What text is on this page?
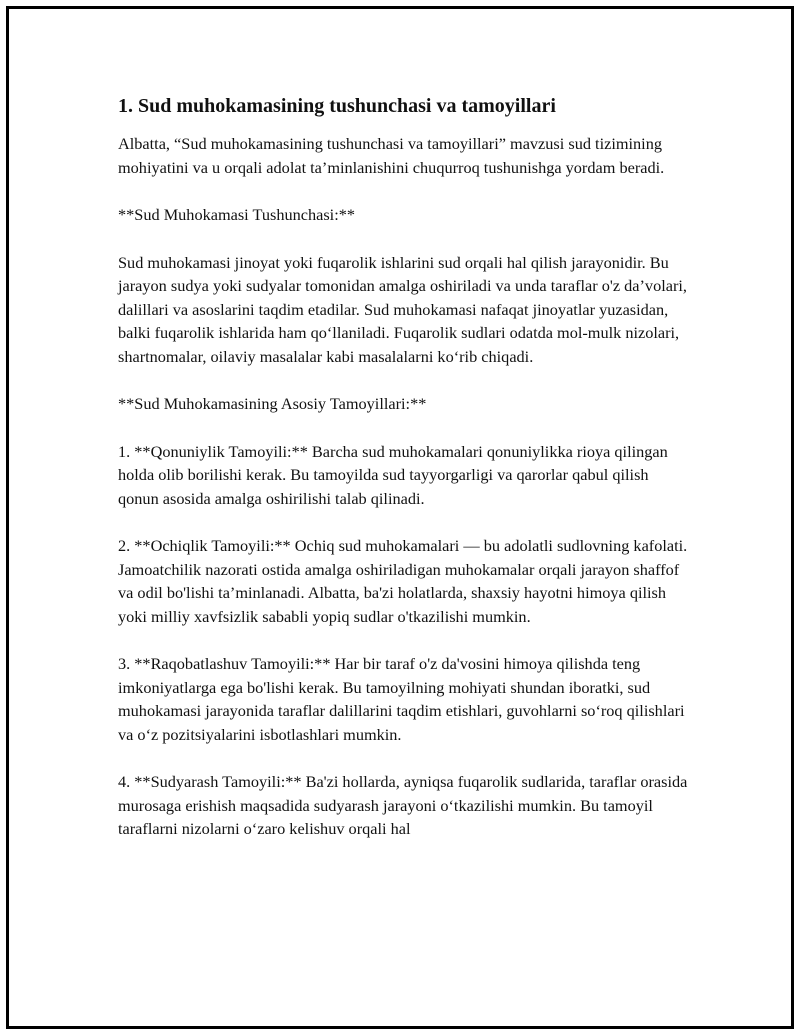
1. Sud muhokamasining tushunchasi va tamoyillari

Albatta, “Sud muhokamasining tushunchasi va tamoyillari” mavzusi sud tizimining mohiyatini va u orqali adolat ta’minlanishini chuqurroq tushunishga yordam beradi.

**Sud Muhokamasi Tushunchasi:**

Sud muhokamasi jinoyat yoki fuqarolik ishlarini sud orqali hal qilish jarayonidir. Bu jarayon sudya yoki sudyalar tomonidan amalga oshiriladi va unda taraflar o'z da’volari, dalillari va asoslarini taqdim etadilar. Sud muhokamasi nafaqat jinoyatlar yuzasidan, balki fuqarolik ishlarida ham qo‘llaniladi. Fuqarolik sudlari odatda mol-mulk nizolari, shartnomalar, oilaviy masalalar kabi masalalarni ko‘rib chiqadi.

**Sud Muhokamasining Asosiy Tamoyillari:**

1. **Qonuniylik Tamoyili:** Barcha sud muhokamalari qonuniylikka rioya qilingan holda olib borilishi kerak. Bu tamoyilda sud tayyorgarligi va qarorlar qabul qilish qonun asosida amalga oshirilishi talab qilinadi.

2. **Ochiqlik Tamoyili:** Ochiq sud muhokamalari — bu adolatli sudlovning kafolati. Jamoatchilik nazorati ostida amalga oshiriladigan muhokamalar orqali jarayon shaffof va odil bo'lishi ta’minlanadi. Albatta, ba'zi holatlarda, shaxsiy hayotni himoya qilish yoki milliy xavfsizlik sababli yopiq sudlar o'tkazilishi mumkin.

3. **Raqobatlashuv Tamoyili:** Har bir taraf o'z da'vosini himoya qilishda teng imkoniyatlarga ega bo'lishi kerak. Bu tamoyilning mohiyati shundan iboratki, sud muhokamasi jarayonida taraflar dalillarini taqdim etishlari, guvohlarni so‘roq qilishlari va o‘z pozitsiyalarini isbotlashlari mumkin.

4. **Sudyarash Tamoyili:** Ba'zi hollarda, ayniqsa fuqarolik sudlarida, taraflar orasida murosaga erishish maqsadida sudyarash jarayoni o‘tkazilishi mumkin. Bu tamoyil taraflarni nizolarni o‘zaro kelishuv orqali hal
